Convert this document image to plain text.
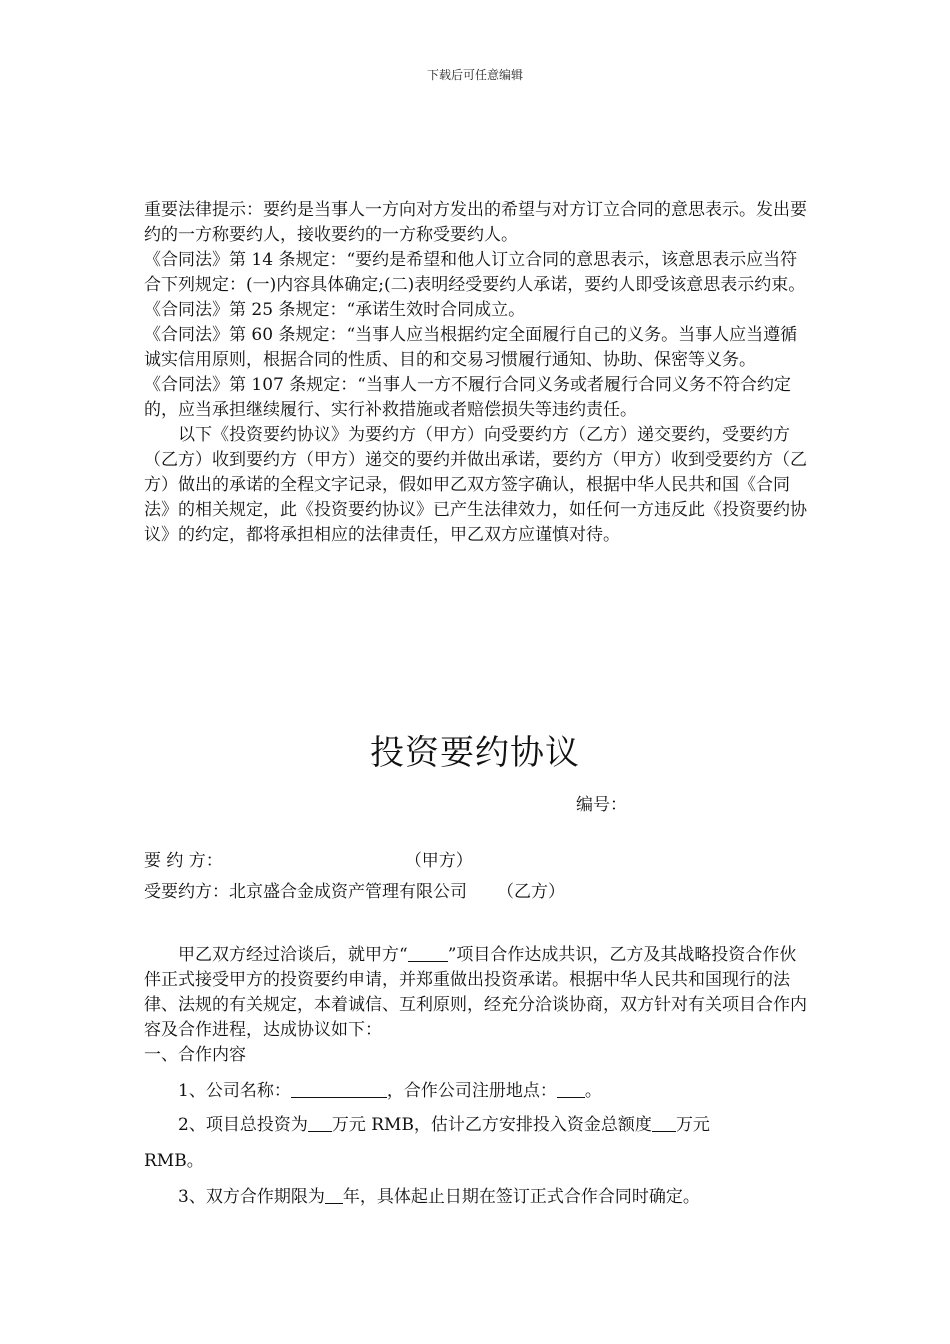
下载后可任意编辑

重要法律提示：要约是当事人一方向对方发出的希望与对方订立合同的意思表示。发出要约的一方称要约人，接收要约的一方称受要约人。

《合同法》第 14 条规定：“要约是希望和他人订立合同的意思表示，该意思表示应当符合下列规定：(一)内容具体确定;(二)表明经受要约人承诺，要约人即受该意思表示约束。

《合同法》第 25 条规定：“承诺生效时合同成立。

《合同法》第 60 条规定：“当事人应当根据约定全面履行自己的义务。当事人应当遵循诚实信用原则，根据合同的性质、目的和交易习惯履行通知、协助、保密等义务。

《合同法》第 107 条规定：“当事人一方不履行合同义务或者履行合同义务不符合约定的，应当承担继续履行、实行补救措施或者赔偿损失等违约责任。

以下《投资要约协议》为要约方（甲方）向受要约方（乙方）递交要约，受要约方（乙方）收到要约方（甲方）递交的要约并做出承诺，要约方（甲方）收到受要约方（乙方）做出的承诺的全程文字记录，假如甲乙双方签字确认，根据中华人民共和国《合同法》的相关规定，此《投资要约协议》已产生法律效力，如任何一方违反此《投资要约协议》的约定，都将承担相应的法律责任，甲乙双方应谨慎对待。

投资要约协议
编号：
要 约 方：	（甲方）
受要约方：北京盛合金成资产管理有限公司 （乙方）

甲乙双方经过洽谈后，就甲方“ ”项目合作达成共识，乙方及其战略投资合作伙伴正式接受甲方的投资要约申请，并郑重做出投资承诺。根据中华人民共和国现行的法律、法规的有关规定，本着诚信、互利原则，经充分洽谈协商，双方针对有关项目合作内容及合作进程，达成协议如下：

一、合作内容

1、公司名称：	，合作公司注册地点： 。

2、项目总投资为 万元 RMB，估计乙方安排投入资金总额度 万元

RMB。

3、双方合作期限为 年，具体起止日期在签订正式合作合同时确定。
